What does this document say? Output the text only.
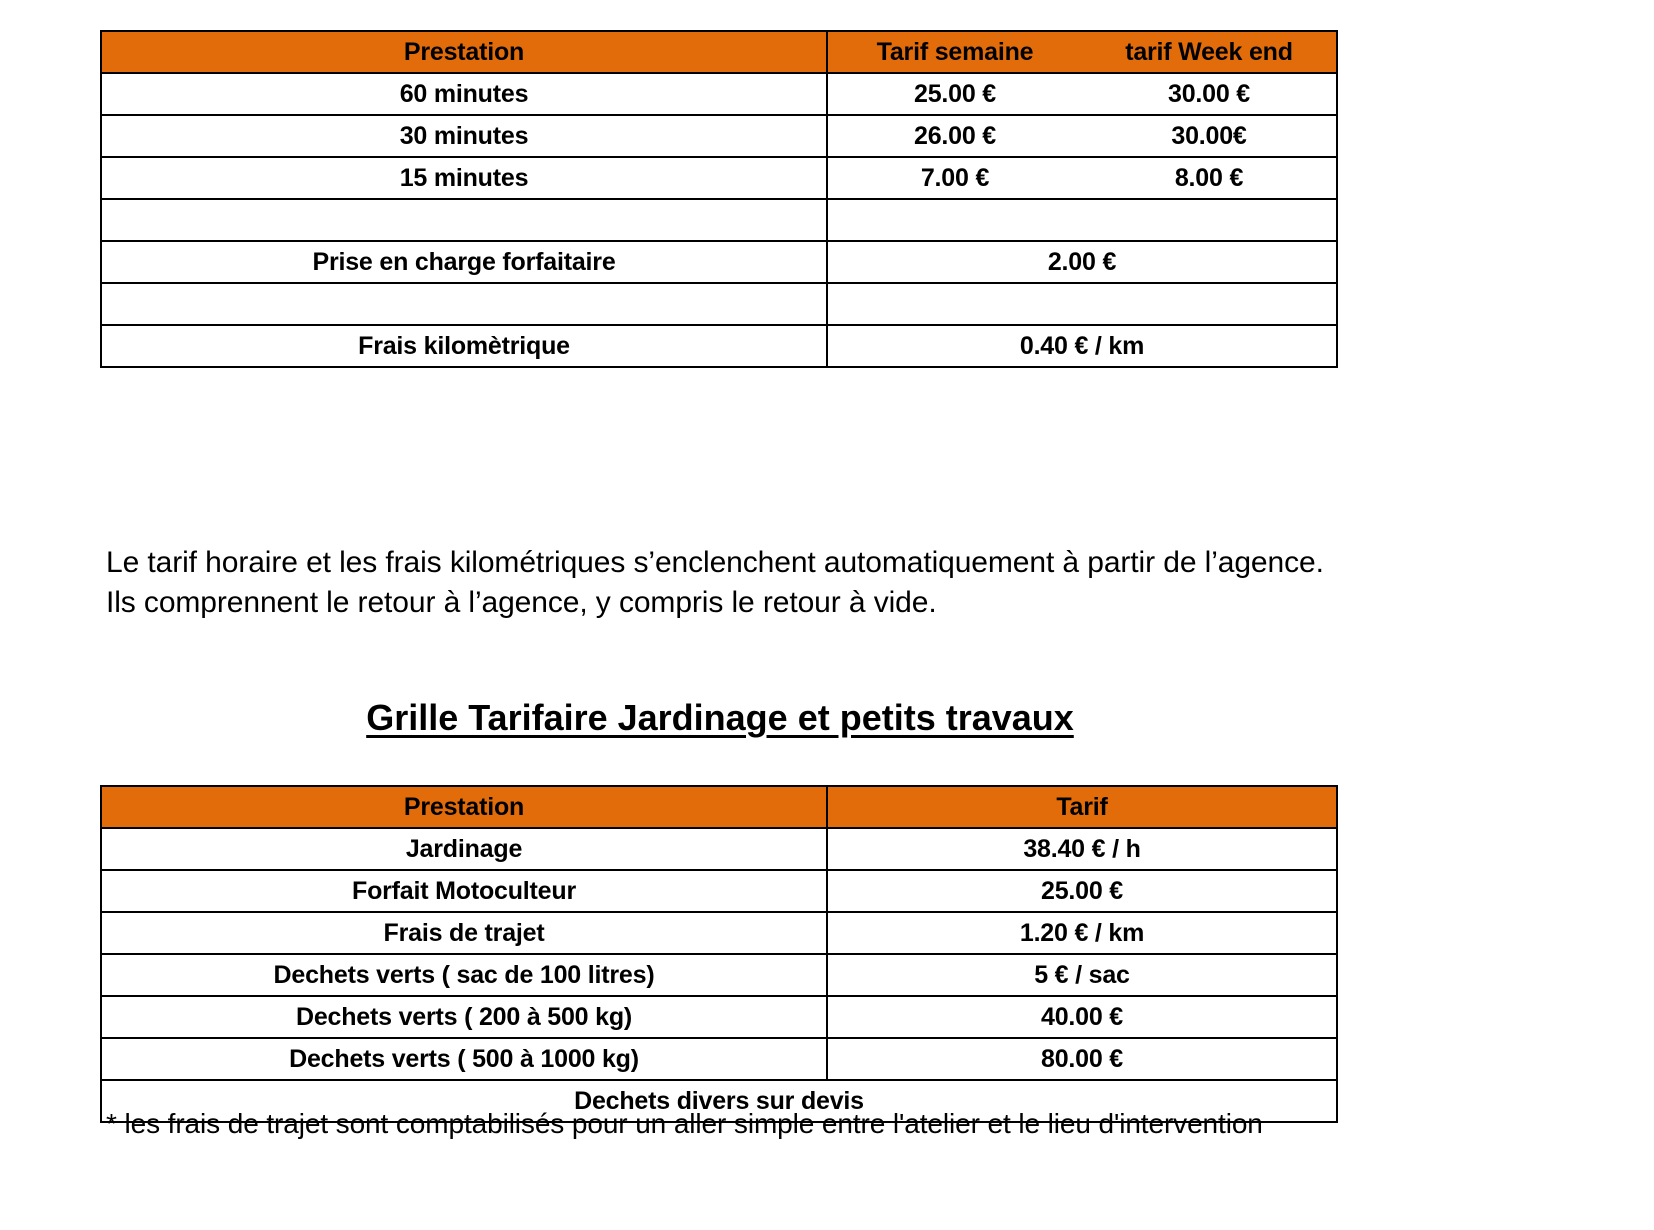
Prestation	Tarif semaine	tarif Week end
60 minutes	25.00 €	30.00 €
30 minutes	26.00 €	30.00€
15 minutes	7.00 €	8.00 €

Prise en charge forfaitaire	2.00 €	

Frais kilomètrique	0.40 € / km	
Le tarif horaire et les frais kilométriques s’enclenchent automatiquement à partir de l’agence.
Ils comprennent le retour à l’agence, y compris le retour à vide.
Grille Tarifaire Jardinage et petits travaux
Prestation	Tarif
Jardinage	38.40 € / h
Forfait Motoculteur	25.00 €
Frais de trajet	1.20 € / km
Dechets verts ( sac de 100 litres)	5 € / sac
Dechets verts ( 200 à 500 kg)	40.00 €
Dechets verts ( 500 à 1000 kg)	80.00 €
Dechets divers sur devis	
* les frais de trajet sont comptabilisés pour un aller simple entre l'atelier et le lieu d'intervention
